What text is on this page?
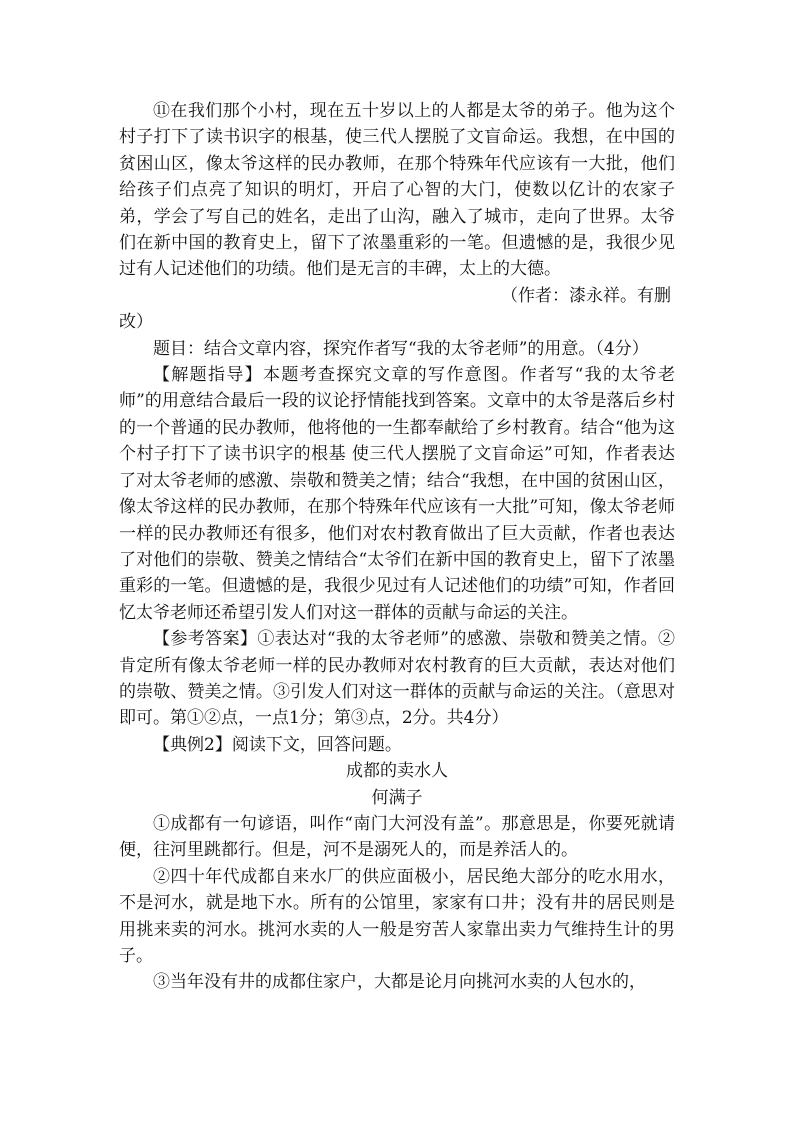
⑪在我们那个小村，现在五十岁以上的人都是太爷的弟子。他为这个村子打下了读书识字的根基，使三代人摆脱了文盲命运。我想，在中国的贫困山区，像太爷这样的民办教师，在那个特殊年代应该有一大批，他们给孩子们点亮了知识的明灯，开启了心智的大门，使数以亿计的农家子弟，学会了写自己的姓名，走出了山沟，融入了城市，走向了世界。太爷们在新中国的教育史上，留下了浓墨重彩的一笔。但遗憾的是，我很少见过有人记述他们的功绩。他们是无言的丰碑，太上的大德。

（作者：漆永祥。有删

改）

题目：结合文章内容，探究作者写“我的太爷老师”的用意。（4分）

【解题指导】本题考查探究文章的写作意图。作者写“我的太爷老师”的用意结合最后一段的议论抒情能找到答案。文章中的太爷是落后乡村的一个普通的民办教师，他将他的一生都奉献给了乡村教育。结合“他为这个村子打下了读书识字的根基 使三代人摆脱了文盲命运”可知，作者表达了对太爷老师的感激、崇敬和赞美之情；结合“我想，在中国的贫困山区，像太爷这样的民办教师，在那个特殊年代应该有一大批”可知，像太爷老师一样的民办教师还有很多，他们对农村教育做出了巨大贡献，作者也表达了对他们的崇敬、赞美之情结合“太爷们在新中国的教育史上，留下了浓墨重彩的一笔。但遗憾的是，我很少见过有人记述他们的功绩”可知，作者回忆太爷老师还希望引发人们对这一群体的贡献与命运的关注。

【参考答案】①表达对“我的太爷老师”的感激、崇敬和赞美之情。②肯定所有像太爷老师一样的民办教师对农村教育的巨大贡献，表达对他们的崇敬、赞美之情。③引发人们对这一群体的贡献与命运的关注。（意思对即可。第①②点，一点1分；第③点，2分。共4分）

【典例2】阅读下文，回答问题。

成都的卖水人

何满子

①成都有一句谚语，叫作“南门大河没有盖”。那意思是，你要死就请便，往河里跳都行。但是，河不是溺死人的，而是养活人的。

②四十年代成都自来水厂的供应面极小，居民绝大部分的吃水用水，不是河水，就是地下水。所有的公馆里，家家有口井；没有井的居民则是用挑来卖的河水。挑河水卖的人一般是穷苦人家靠出卖力气维持生计的男子。

③当年没有井的成都住家户，大都是论月向挑河水卖的人包水的，
